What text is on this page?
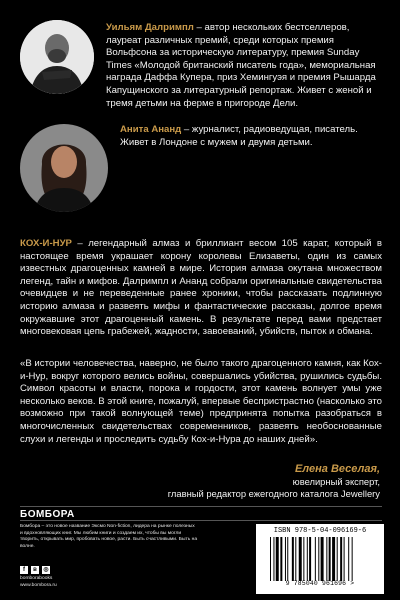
Уильям Далримпл – автор нескольких бестселлеров, лауреат различных премий, среди которых премия Вольфсона за историческую литературу, премия Sunday Times «Молодой британский писатель года», мемориальная награда Даффа Купера, приз Хемингуэя и премия Рышарда Капущинского за литературный репортаж. Живет с женой и тремя детьми на ферме в пригороде Дели.
Анита Ананд – журналист, радиоведущая, писатель. Живет в Лондоне с мужем и двумя детьми.
КОХ-И-НУР – легендарный алмаз и бриллиант весом 105 карат, который в настоящее время украшает корону королевы Елизаветы, один из самых известных драгоценных камней в мире. История алмаза окутана множеством легенд, тайн и мифов. Далримпл и Ананд собрали оригинальные свидетельства очевидцев и не переведенные ранее хроники, чтобы рассказать подлинную историю алмаза и развеять мифы и фантастические рассказы, долгое время окружавшие этот драгоценный камень. В результате перед вами предстает многовековая цепь грабежей, жадности, завоеваний, убийств, пыток и обмана.
«В истории человечества, наверно, не было такого драгоценного камня, как Кох-и-Нур, вокруг которого велись войны, совершались убийства, рушились судьбы. Символ красоты и власти, порока и гордости, этот камень волнует умы уже несколько веков. В этой книге, пожалуй, впервые беспристрастно (насколько это возможно при такой волнующей теме) предпринята попытка разобраться в многочисленных свидетельствах современников, развеять необоснованные слухи и легенды и проследить судьбу Кох-и-Нура до наших дней».
Елена Веселая,
ювелирный эксперт,
главный редактор ежегодного каталога Jewellery
БОМБОРА
Бомбора – это новое название Эксмо Non-fiction, лидера на рынке полезных и вдохновляющих книг. Мы любим книги и создаем их, чтобы вы могли творить, открывать мир, пробовать новое, расти. Быть счастливыми. Быть на волне.
f	в	◎
bomborabooks
www.bombora.ru
ISBN 978-5-04-096169-6
9 785040 961696 >
